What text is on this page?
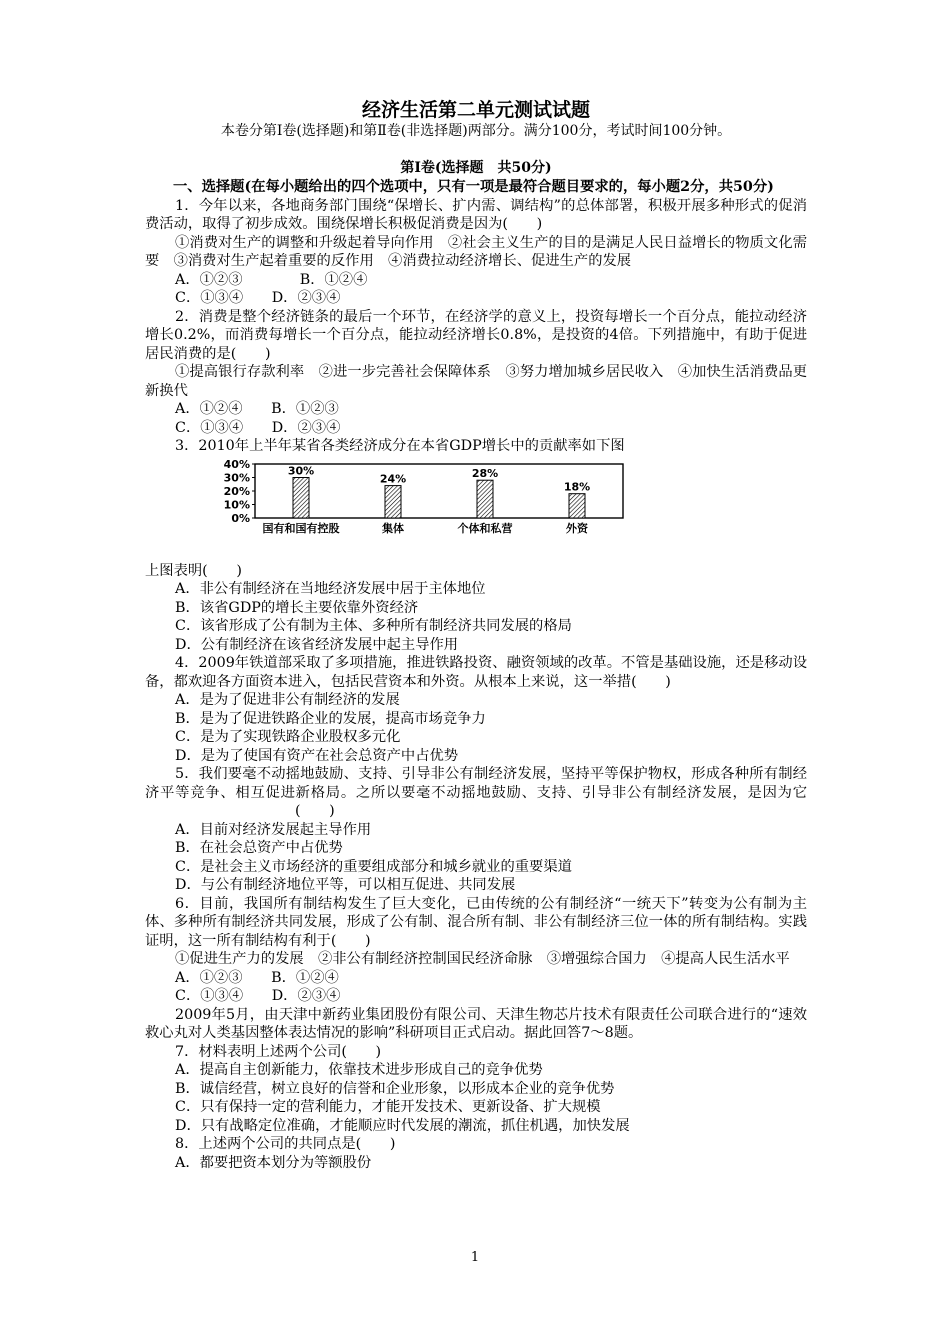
经济生活第二单元测试试题

本卷分第Ⅰ卷(选择题)和第Ⅱ卷(非选择题)两部分。满分100分，考试时间100分钟。

第Ⅰ卷(选择题　共50分)

一、选择题(在每小题给出的四个选项中，只有一项是最符合题目要求的，每小题2分，共50分)

1．今年以来，各地商务部门围绕“保增长、扩内需、调结构”的总体部署，积极开展多种形式的促消费活动，取得了初步成效。围绕保增长积极促消费是因为(　　)

①消费对生产的调整和升级起着导向作用　②社会主义生产的目的是满足人民日益增长的物质文化需要　③消费对生产起着重要的反作用　④消费拉动经济增长、促进生产的发展

A．①②③　　　　B．①②④

C．①③④　　D．②③④

2．消费是整个经济链条的最后一个环节，在经济学的意义上，投资每增长一个百分点，能拉动经济增长0.2%，而消费每增长一个百分点，能拉动经济增长0.8%，是投资的4倍。下列措施中，有助于促进居民消费的是(　　)

①提高银行存款利率　②进一步完善社会保障体系　③努力增加城乡居民收入　④加快生活消费品更新换代

A．①②④　　B．①②③

C．①③④　　D．②③④

3．2010年上半年某省各类经济成分在本省GDP增长中的贡献率如下图

40%
30%
20%
10%
0%
30%
国有和国有控股
24%
集体
28%
个体和私营
18%
外资

上图表明(　　)

A．非公有制经济在当地经济发展中居于主体地位

B．该省GDP的增长主要依靠外资经济

C．该省形成了公有制为主体、多种所有制经济共同发展的格局

D．公有制经济在该省经济发展中起主导作用

4．2009年铁道部采取了多项措施，推进铁路投资、融资领域的改革。不管是基础设施，还是移动设备，都欢迎各方面资本进入，包括民营资本和外资。从根本上来说，这一举措(　　)

A．是为了促进非公有制经济的发展

B．是为了促进铁路企业的发展，提高市场竞争力

C．是为了实现铁路企业股权多元化

D．是为了使国有资产在社会总资产中占优势

5．我们要毫不动摇地鼓励、支持、引导非公有制经济发展，坚持平等保护物权，形成各种所有制经济平等竞争、相互促进新格局。之所以要毫不动摇地鼓励、支持、引导非公有制经济发展，是因为它(　　)

A．目前对经济发展起主导作用

B．在社会总资产中占优势

C．是社会主义市场经济的重要组成部分和城乡就业的重要渠道

D．与公有制经济地位平等，可以相互促进、共同发展

6．目前，我国所有制结构发生了巨大变化，已由传统的公有制经济“一统天下”转变为公有制为主体、多种所有制经济共同发展，形成了公有制、混合所有制、非公有制经济三位一体的所有制结构。实践证明，这一所有制结构有利于(　　)

①促进生产力的发展　②非公有制经济控制国民经济命脉　③增强综合国力　④提高人民生活水平

A．①②③　　B．①②④

C．①③④　　D．②③④

2009年5月，由天津中新药业集团股份有限公司、天津生物芯片技术有限责任公司联合进行的“速效救心丸对人类基因整体表达情况的影响”科研项目正式启动。据此回答7～8题。

7．材料表明上述两个公司(　　)

A．提高自主创新能力，依靠技术进步形成自己的竞争优势

B．诚信经营，树立良好的信誉和企业形象，以形成本企业的竞争优势

C．只有保持一定的营利能力，才能开发技术、更新设备、扩大规模

D．只有战略定位准确，才能顺应时代发展的潮流，抓住机遇，加快发展

8．上述两个公司的共同点是(　　)

A．都要把资本划分为等额股份

1
